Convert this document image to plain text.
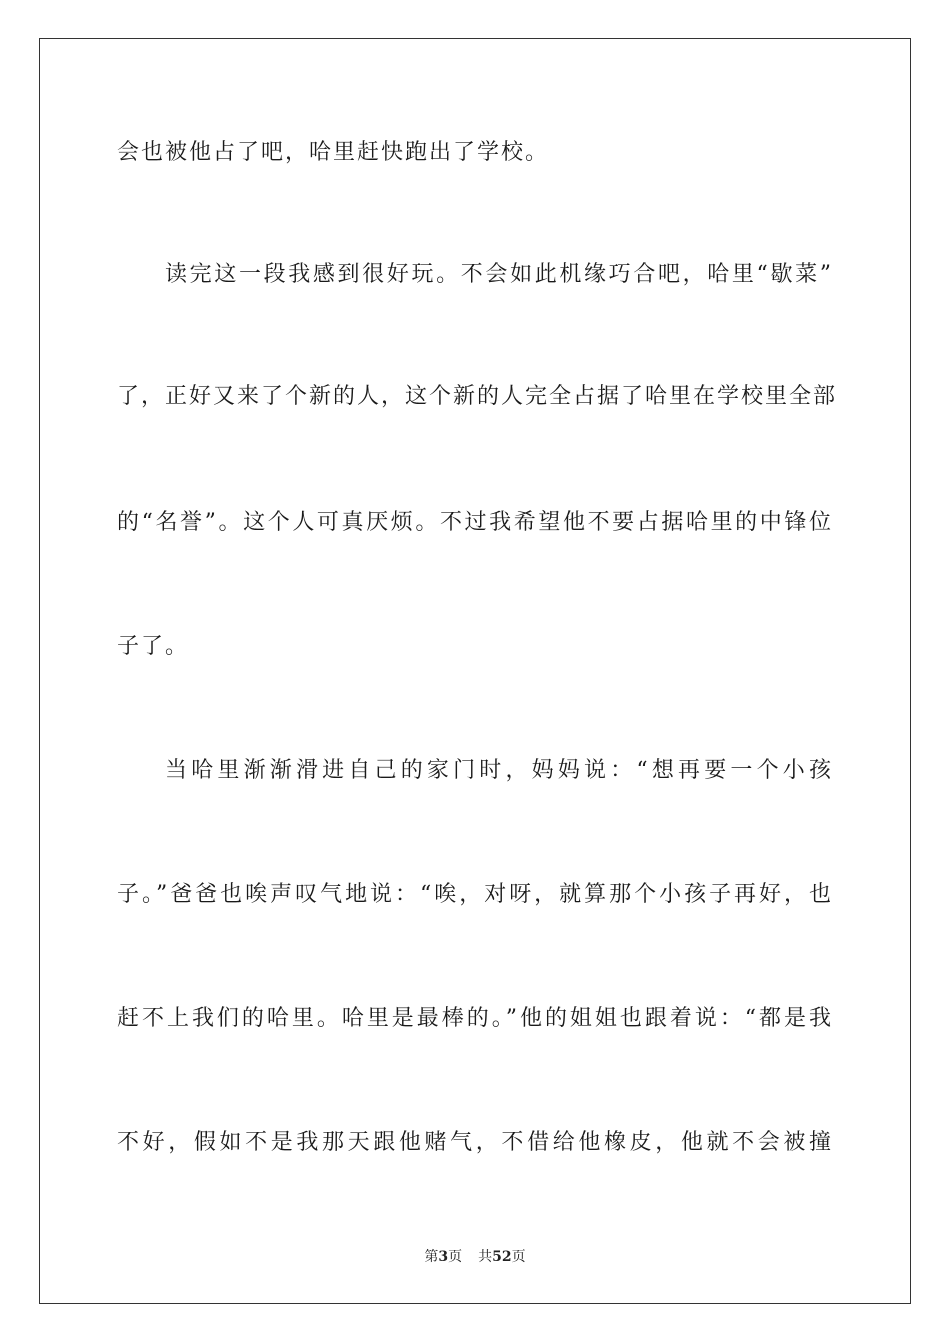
会也被他占了吧，哈里赶快跑出了学校。
读完这一段我感到很好玩。不会如此机缘巧合吧，哈里“歇菜”
了，正好又来了个新的人，这个新的人完全占据了哈里在学校里全部
的“名誉”。这个人可真厌烦。不过我希望他不要占据哈里的中锋位
子了。
当哈里渐渐滑进自己的家门时，妈妈说：“想再要一个小孩
子。”爸爸也唉声叹气地说：“唉，对呀，就算那个小孩子再好，也
赶不上我们的哈里。哈里是最棒的。”他的姐姐也跟着说：“都是我
不好，假如不是我那天跟他赌气，不借给他橡皮，他就不会被撞
第3页 共52页
